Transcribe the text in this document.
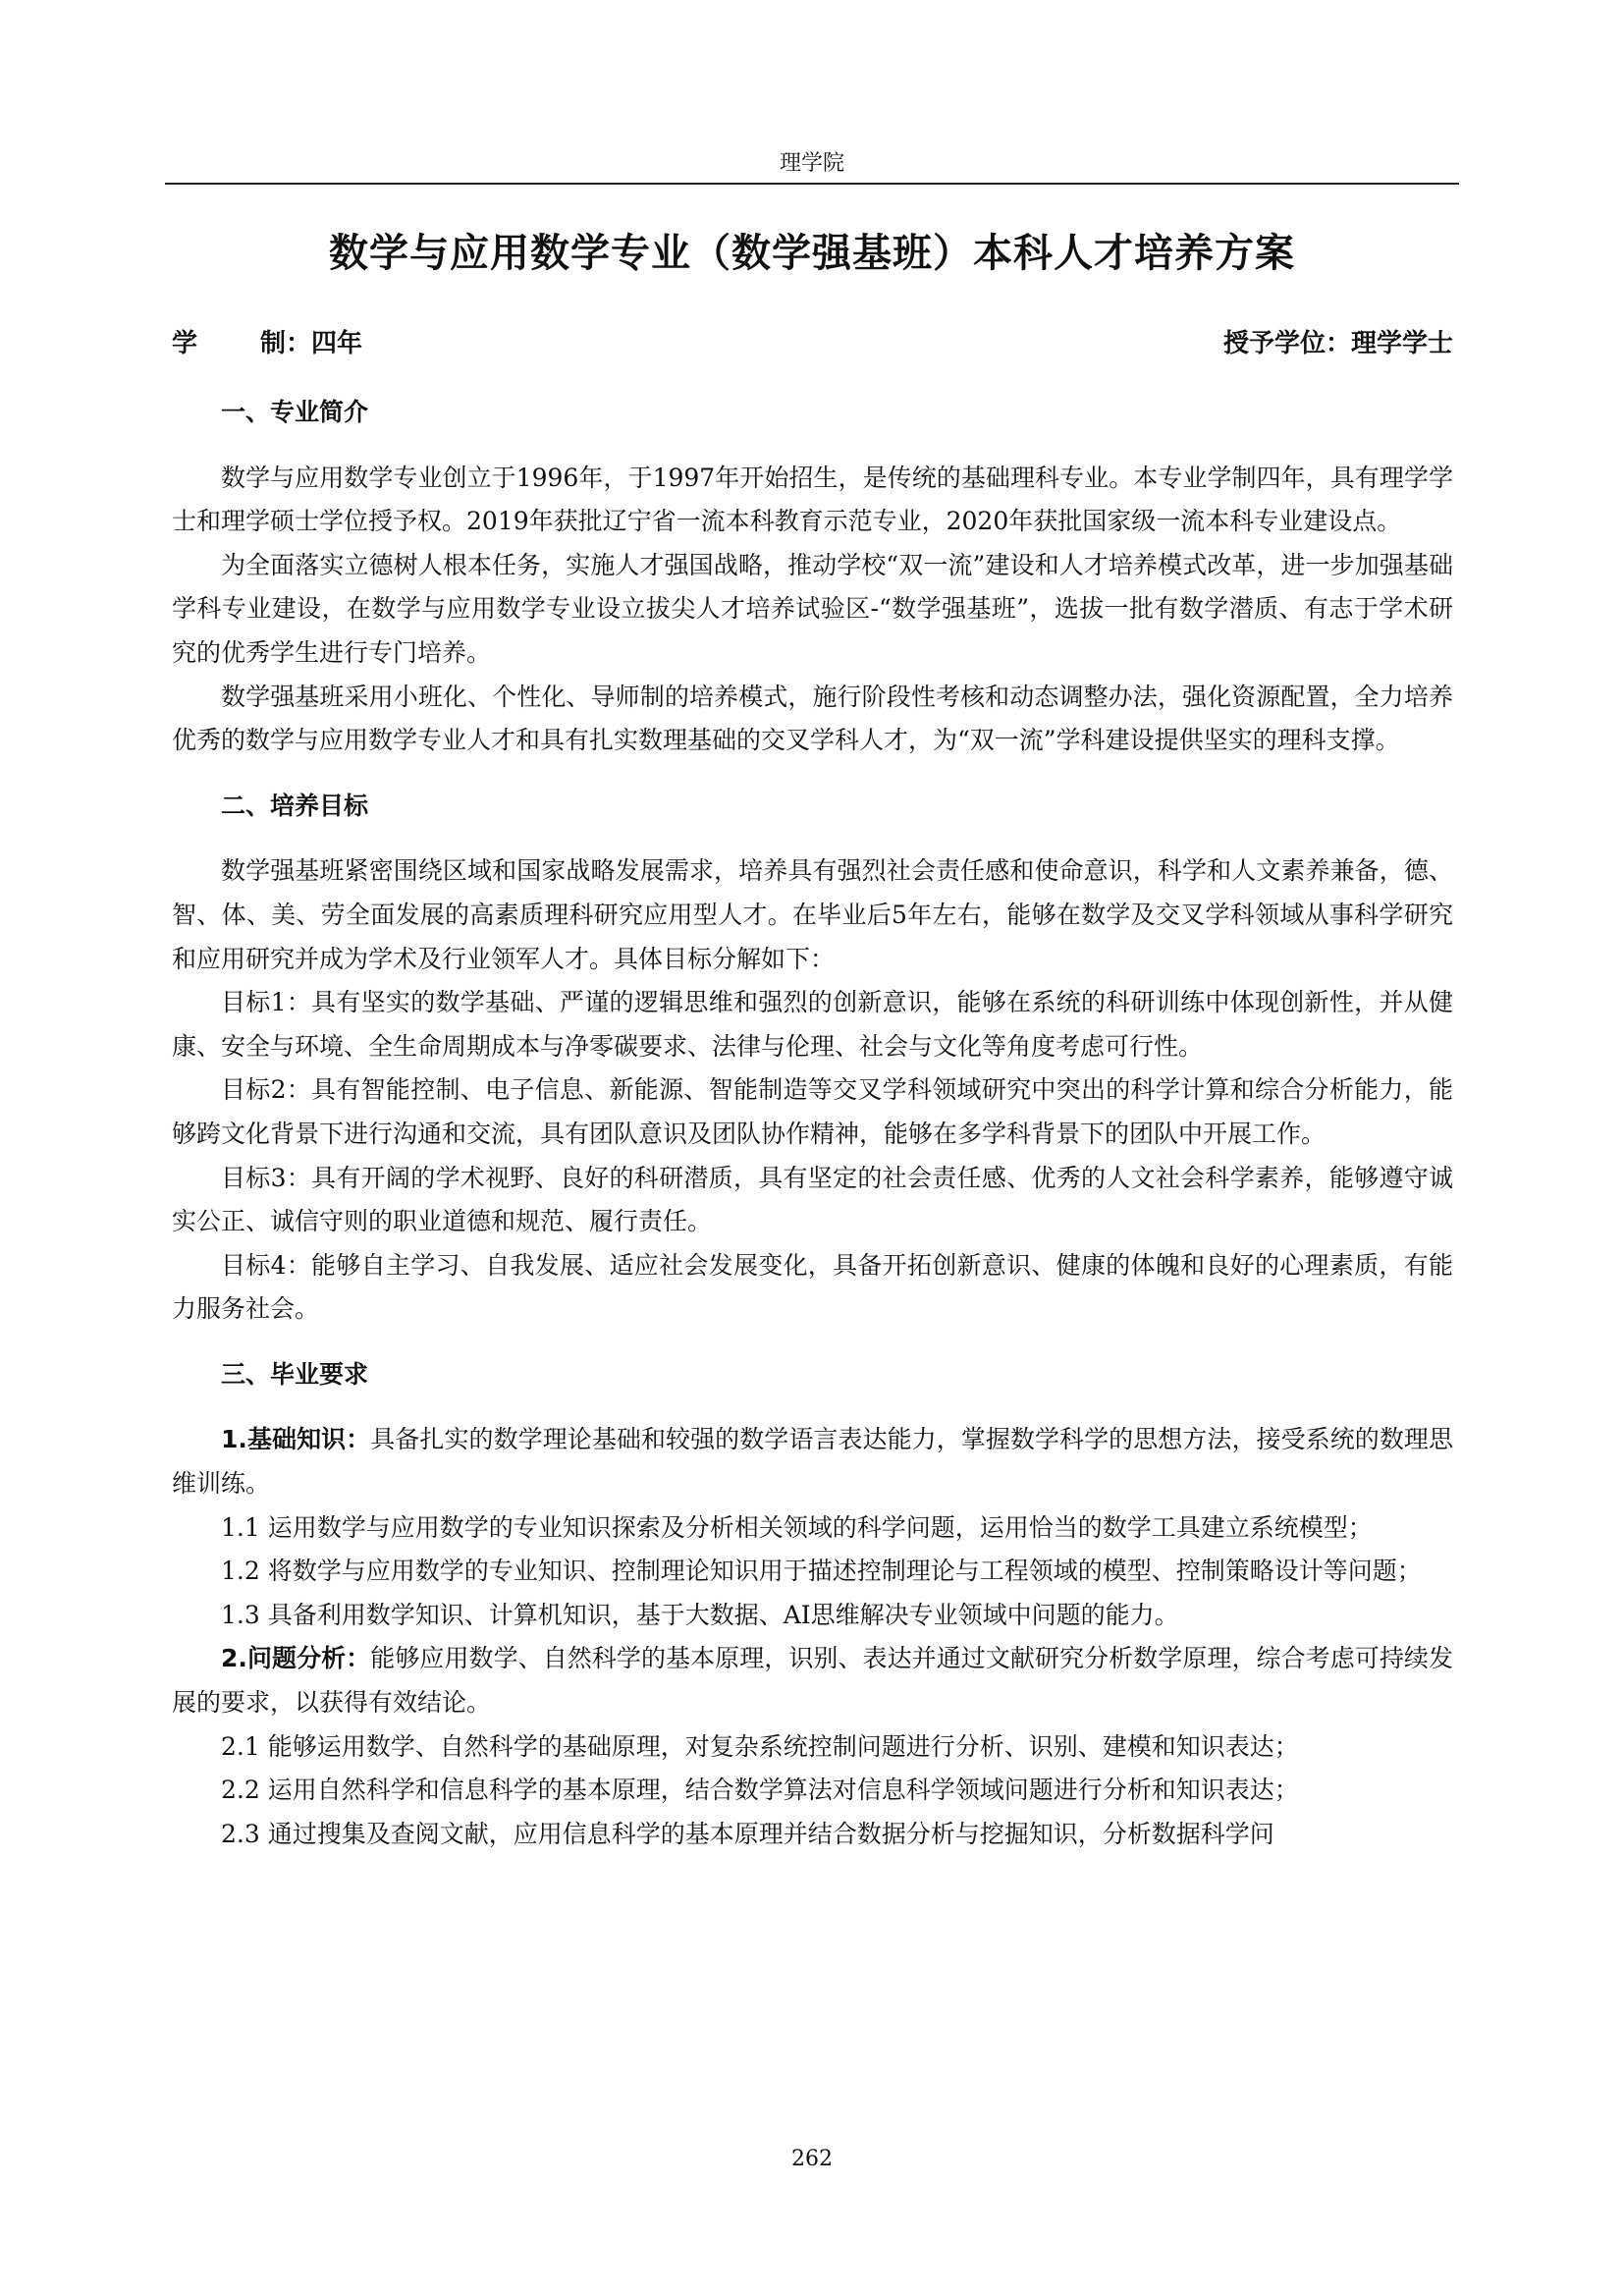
理学院
数学与应用数学专业（数学强基班）本科人才培养方案
学 制：四年	授予学位：理学学士
一、专业简介

数学与应用数学专业创立于1996年，于1997年开始招生，是传统的基础理科专业。本专业学制四年，具有理学学士和理学硕士学位授予权。2019年获批辽宁省一流本科教育示范专业，2020年获批国家级一流本科专业建设点。

为全面落实立德树人根本任务，实施人才强国战略，推动学校“双一流”建设和人才培养模式改革，进一步加强基础学科专业建设，在数学与应用数学专业设立拔尖人才培养试验区-“数学强基班”，选拔一批有数学潜质、有志于学术研究的优秀学生进行专门培养。

数学强基班采用小班化、个性化、导师制的培养模式，施行阶段性考核和动态调整办法，强化资源配置，全力培养优秀的数学与应用数学专业人才和具有扎实数理基础的交叉学科人才，为“双一流”学科建设提供坚实的理科支撑。

二、培养目标

数学强基班紧密围绕区域和国家战略发展需求，培养具有强烈社会责任感和使命意识，科学和人文素养兼备，德、智、体、美、劳全面发展的高素质理科研究应用型人才。在毕业后5年左右，能够在数学及交叉学科领域从事科学研究和应用研究并成为学术及行业领军人才。具体目标分解如下：

目标1：具有坚实的数学基础、严谨的逻辑思维和强烈的创新意识，能够在系统的科研训练中体现创新性，并从健康、安全与环境、全生命周期成本与净零碳要求、法律与伦理、社会与文化等角度考虑可行性。

目标2：具有智能控制、电子信息、新能源、智能制造等交叉学科领域研究中突出的科学计算和综合分析能力，能够跨文化背景下进行沟通和交流，具有团队意识及团队协作精神，能够在多学科背景下的团队中开展工作。

目标3：具有开阔的学术视野、良好的科研潜质，具有坚定的社会责任感、优秀的人文社会科学素养，能够遵守诚实公正、诚信守则的职业道德和规范、履行责任。

目标4：能够自主学习、自我发展、适应社会发展变化，具备开拓创新意识、健康的体魄和良好的心理素质，有能力服务社会。

三、毕业要求

1.基础知识：具备扎实的数学理论基础和较强的数学语言表达能力，掌握数学科学的思想方法，接受系统的数理思维训练。

1.1 运用数学与应用数学的专业知识探索及分析相关领域的科学问题，运用恰当的数学工具建立系统模型；

1.2 将数学与应用数学的专业知识、控制理论知识用于描述控制理论与工程领域的模型、控制策略设计等问题；

1.3 具备利用数学知识、计算机知识，基于大数据、AI思维解决专业领域中问题的能力。

2.问题分析：能够应用数学、自然科学的基本原理，识别、表达并通过文献研究分析数学原理，综合考虑可持续发展的要求，以获得有效结论。

2.1 能够运用数学、自然科学的基础原理，对复杂系统控制问题进行分析、识别、建模和知识表达；

2.2 运用自然科学和信息科学的基本原理，结合数学算法对信息科学领域问题进行分析和知识表达；

2.3 通过搜集及查阅文献，应用信息科学的基本原理并结合数据分析与挖掘知识，分析数据科学问

262
